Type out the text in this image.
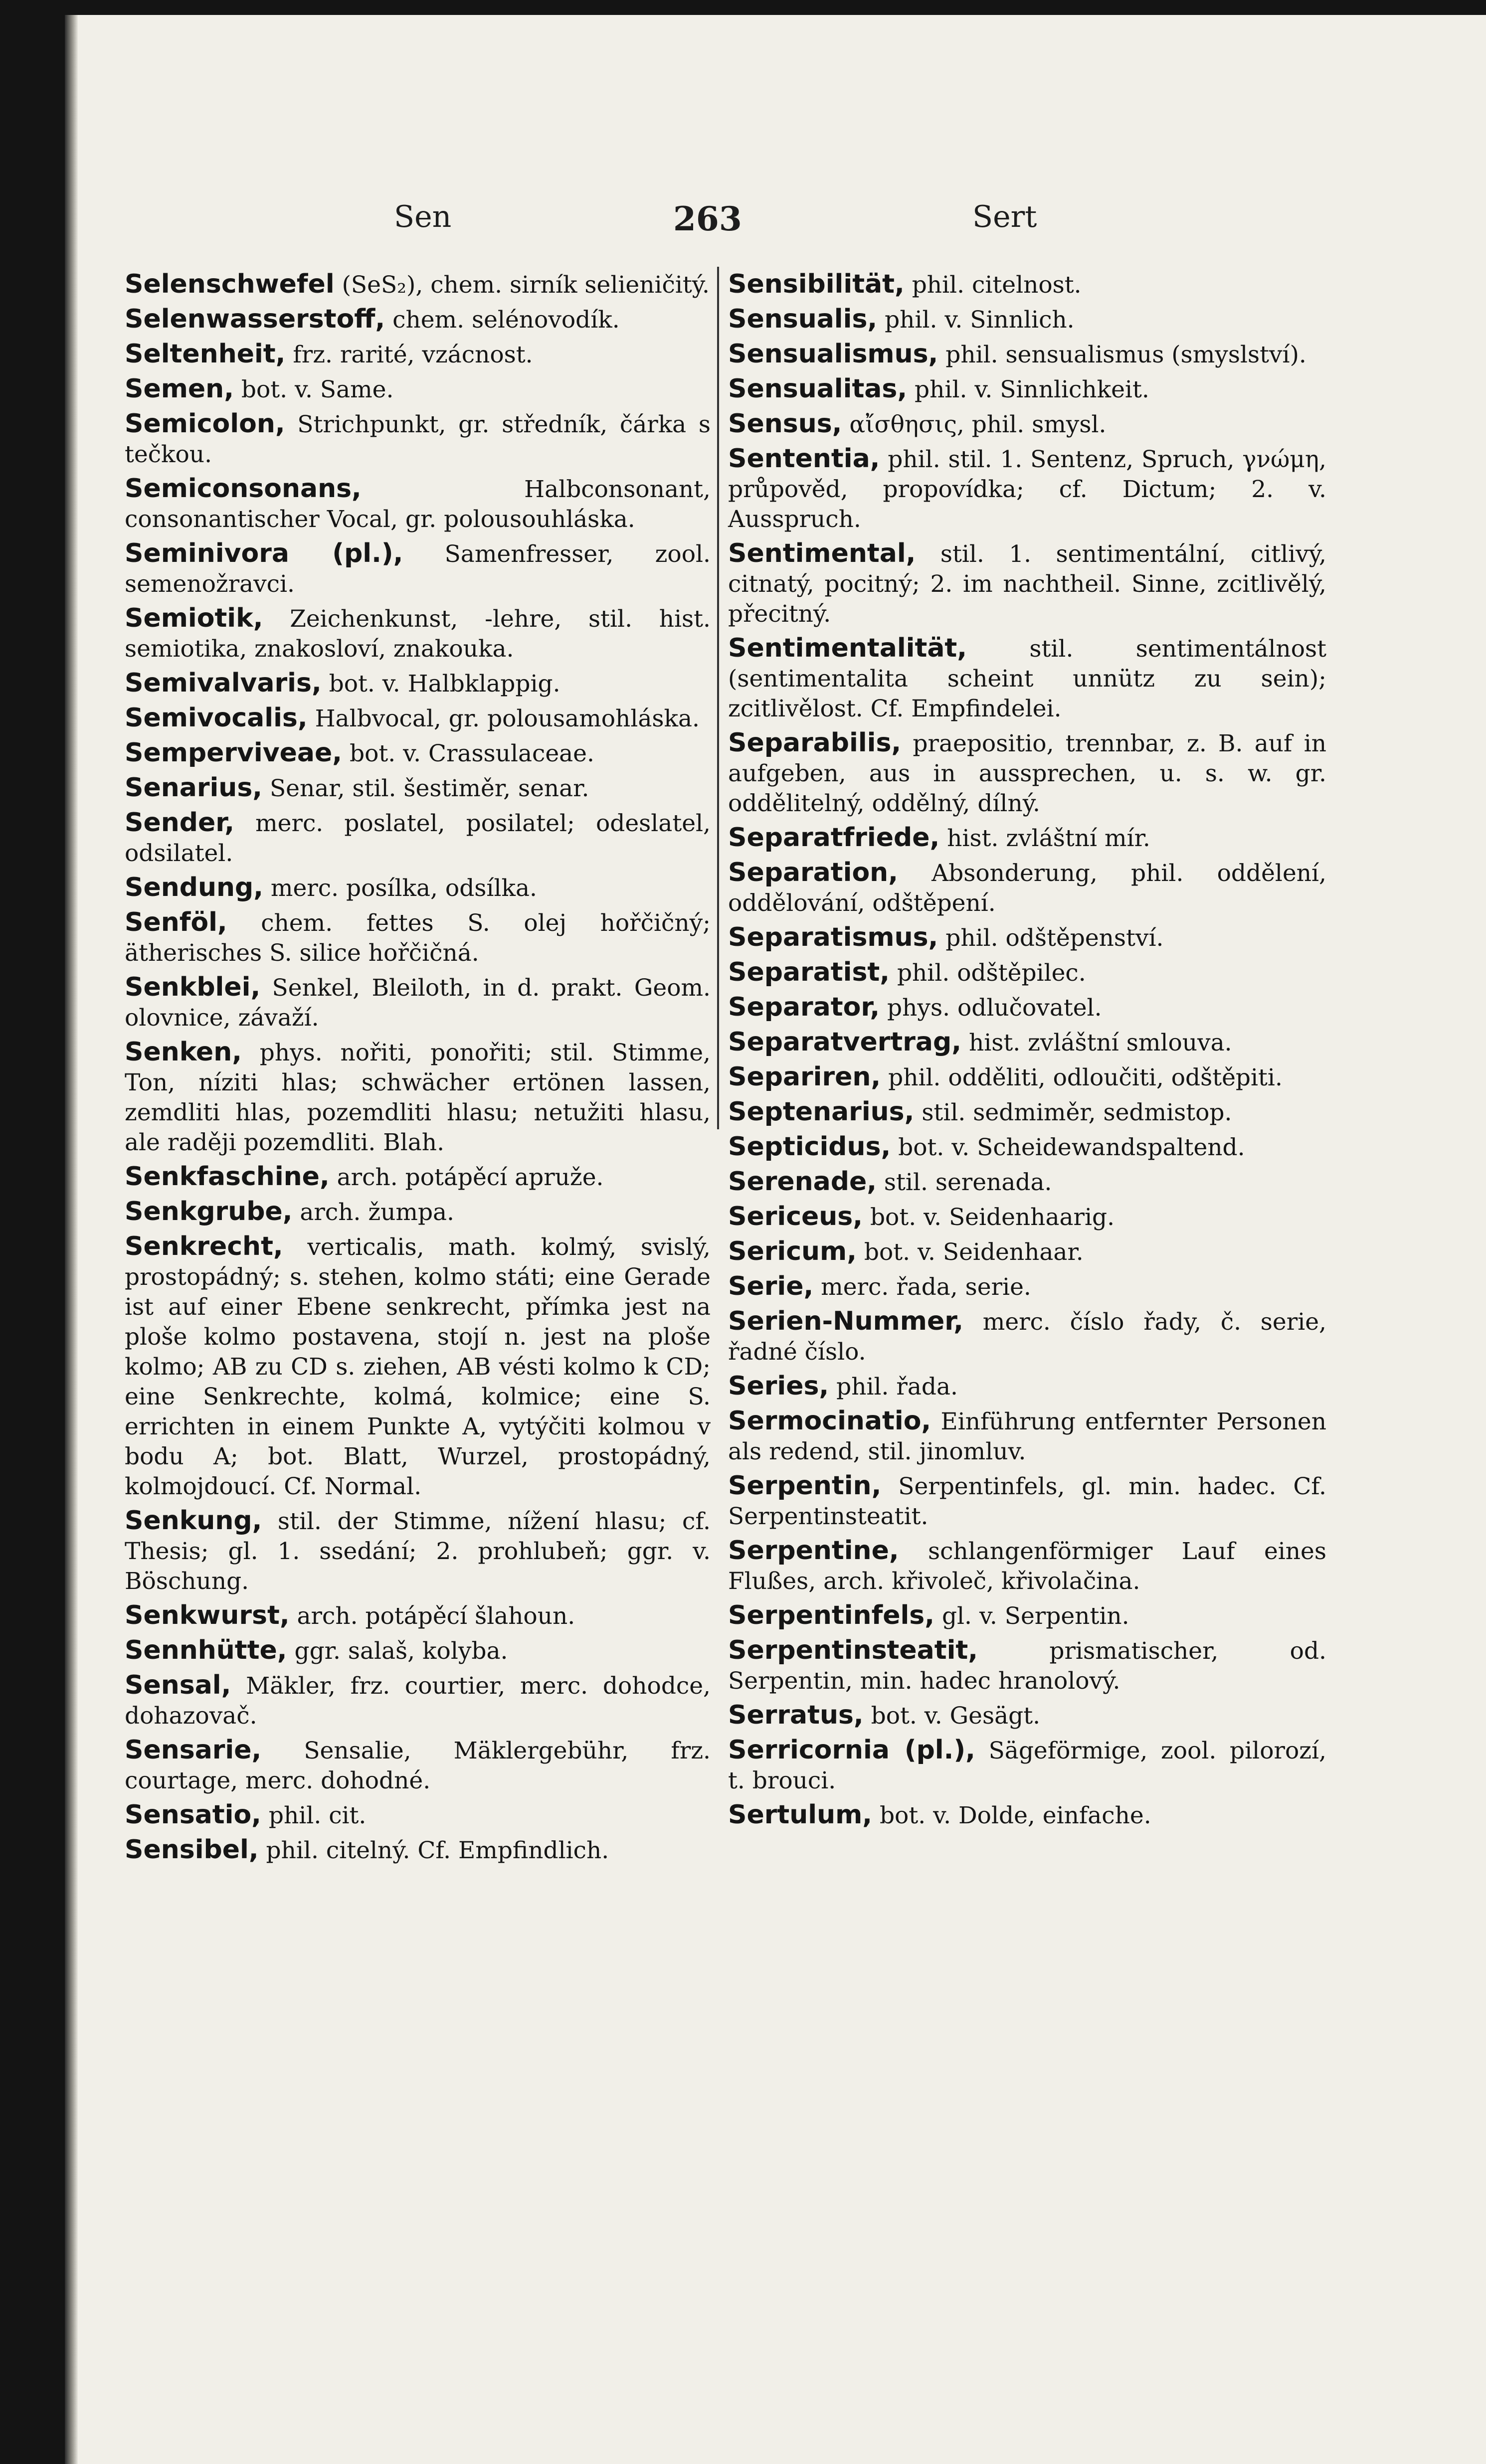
Sen	263	Sert

Selenschwefel (SeS₂), chem. sirník selieničitý.

Selenwasserstoff, chem. selénovodík.

Seltenheit, frz. rarité, vzácnost.

Semen, bot. v. Same.

Semicolon, Strichpunkt, gr. středník, čárka s tečkou.

Semiconsonans, Halbconsonant, consonantischer Vocal, gr. polousouhláska.

Seminivora (pl.), Samenfresser, zool. semenožravci.

Semiotik, Zeichenkunst, -lehre, stil. hist. semiotika, znakosloví, znakouka.

Semivalvaris, bot. v. Halbklappig.

Semivocalis, Halbvocal, gr. polousamohláska.

Semperviveae, bot. v. Crassulaceae.

Senarius, Senar, stil. šestiměr, senar.

Sender, merc. poslatel, posilatel; odeslatel, odsilatel.

Sendung, merc. posílka, odsílka.

Senföl, chem. fettes S. olej hořčičný; ätherisches S. silice hořčičná.

Senkblei, Senkel, Bleiloth, in d. prakt. Geom. olovnice, závaží.

Senken, phys. nořiti, ponořiti; stil. Stimme, Ton, níziti hlas; schwächer ertönen lassen, zemdliti hlas, pozemdliti hlasu; netužiti hlasu, ale raději pozemdliti. Blah.

Senkfaschine, arch. potápěcí apruže.

Senkgrube, arch. žumpa.

Senkrecht, verticalis, math. kolmý, svislý, prostopádný; s. stehen, kolmo státi; eine Gerade ist auf einer Ebene senkrecht, přímka jest na ploše kolmo postavena, stojí n. jest na ploše kolmo; AB zu CD s. ziehen, AB vésti kolmo k CD; eine Senkrechte, kolmá, kolmice; eine S. errichten in einem Punkte A, vytýčiti kolmou v bodu A; bot. Blatt, Wurzel, prostopádný, kolmojdoucí. Cf. Normal.

Senkung, stil. der Stimme, nížení hlasu; cf. Thesis; gl. 1. ssedání; 2. prohlubeň; ggr. v. Böschung.

Senkwurst, arch. potápěcí šlahoun.

Sennhütte, ggr. salaš, kolyba.

Sensal, Mäkler, frz. courtier, merc. dohodce, dohazovač.

Sensarie, Sensalie, Mäklergebühr, frz. courtage, merc. dohodné.

Sensatio, phil. cit.

Sensibel, phil. citelný. Cf. Empfindlich.

Sensibilität, phil. citelnost.

Sensualis, phil. v. Sinnlich.

Sensualismus, phil. sensualismus (smyslství).

Sensualitas, phil. v. Sinnlichkeit.

Sensus, αἴσθησις, phil. smysl.

Sententia, phil. stil. 1. Sentenz, Spruch, γνώμη, průpověd, propovídka; cf. Dictum; 2. v. Ausspruch.

Sentimental, stil. 1. sentimentální, citlivý, citnatý, pocitný; 2. im nachtheil. Sinne, zcitlivělý, přecitný.

Sentimentalität, stil. sentimentálnost (sentimentalita scheint unnütz zu sein); zcitlivělost. Cf. Empfindelei.

Separabilis, praepositio, trennbar, z. B. auf in aufgeben, aus in aussprechen, u. s. w. gr. oddělitelný, oddělný, dílný.

Separatfriede, hist. zvláštní mír.

Separation, Absonderung, phil. oddělení, oddělování, odštěpení.

Separatismus, phil. odštěpenství.

Separatist, phil. odštěpilec.

Separator, phys. odlučovatel.

Separatvertrag, hist. zvláštní smlouva.

Separiren, phil. odděliti, odloučiti, odštěpiti.

Septenarius, stil. sedmiměr, sedmistop.

Septicidus, bot. v. Scheidewandspaltend.

Serenade, stil. serenada.

Sericeus, bot. v. Seidenhaarig.

Sericum, bot. v. Seidenhaar.

Serie, merc. řada, serie.

Serien-Nummer, merc. číslo řady, č. serie, řadné číslo.

Series, phil. řada.

Sermocinatio, Einführung entfernter Personen als redend, stil. jinomluv.

Serpentin, Serpentinfels, gl. min. hadec. Cf. Serpentinsteatit.

Serpentine, schlangenförmiger Lauf eines Flußes, arch. křivoleč, křivolačina.

Serpentinfels, gl. v. Serpentin.

Serpentinsteatit, prismatischer, od. Serpentin, min. hadec hranolový.

Serratus, bot. v. Gesägt.

Serricornia (pl.), Sägeförmige, zool. pilorozí, t. brouci.

Sertulum, bot. v. Dolde, einfache.
